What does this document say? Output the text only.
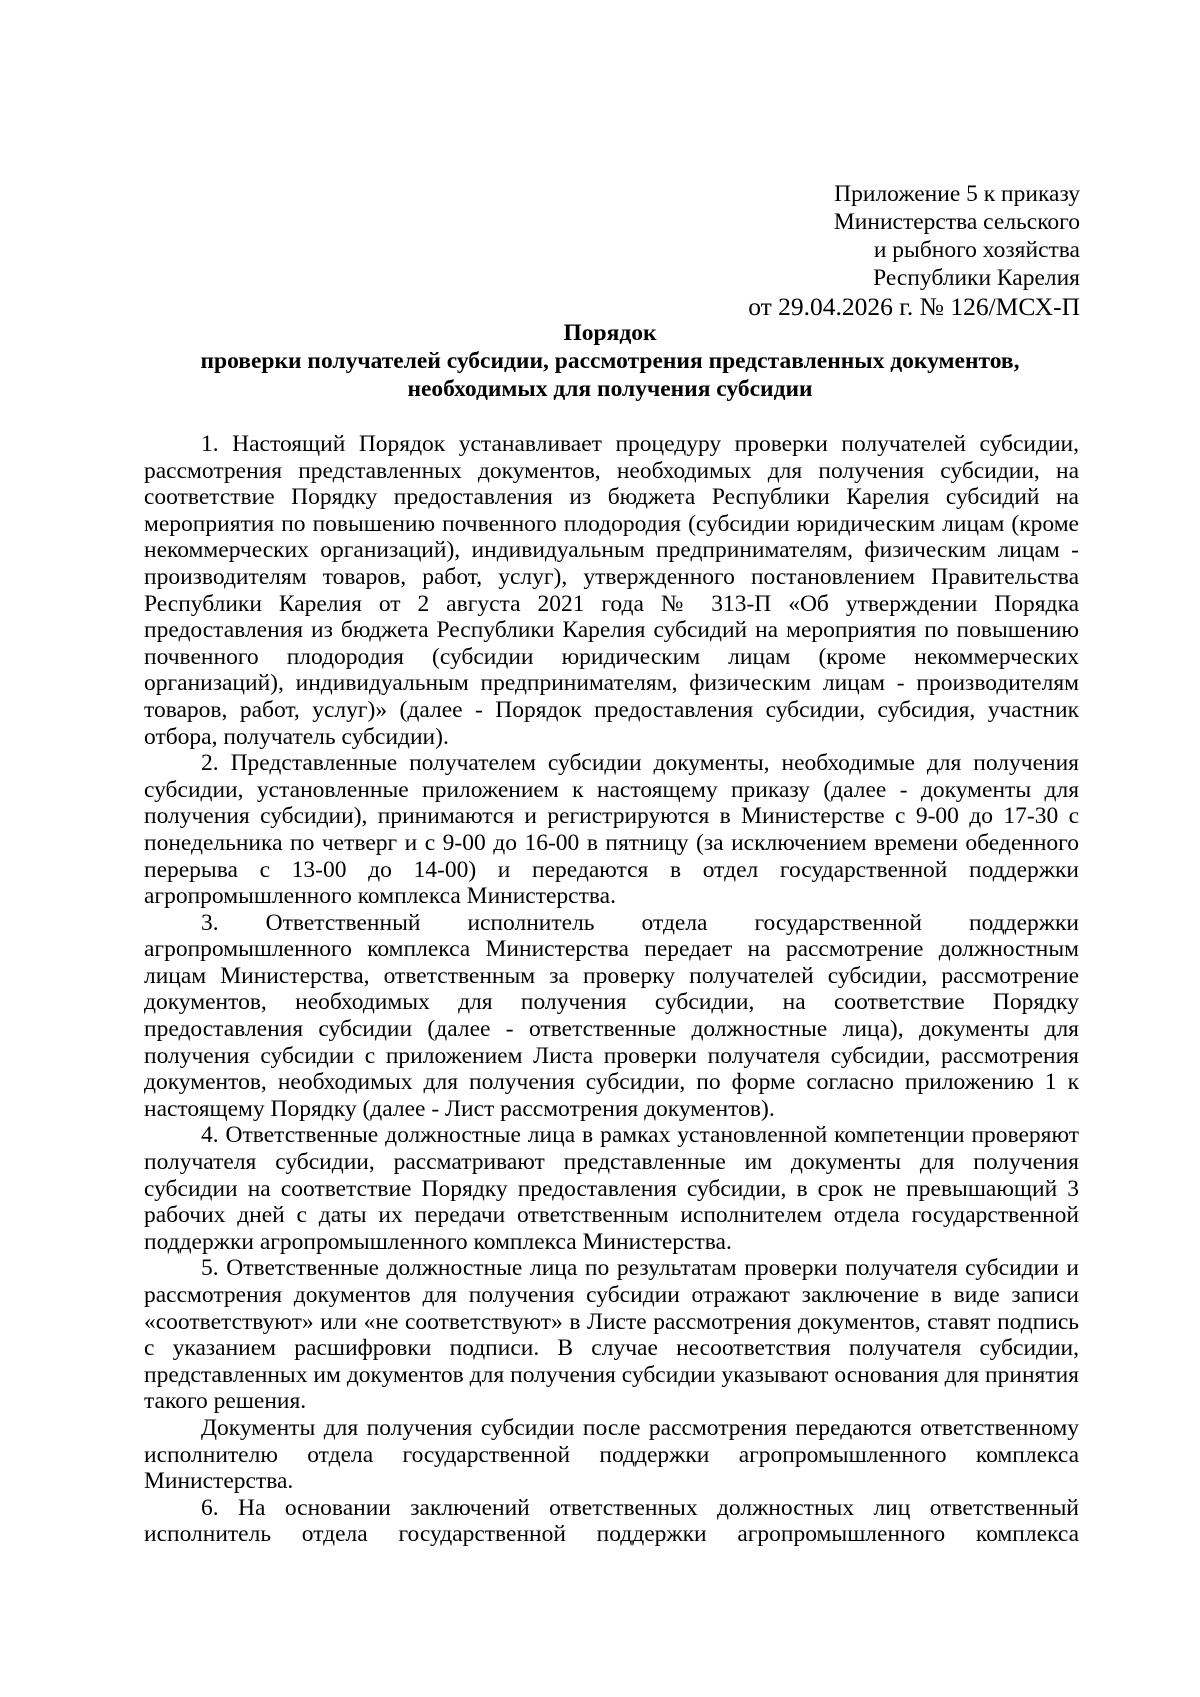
Приложение 5 к приказу
Министерства сельского
и рыбного хозяйства
Республики Карелия
от 29.04.2026 г. № 126/МСХ-П
Порядок
проверки получателей субсидии, рассмотрения представленных документов,
необходимых для получения субсидии

1. Настоящий Порядок устанавливает процедуру проверки получателей субсидии, рассмотрения представленных документов, необходимых для получения субсидии, на соответствие Порядку предоставления из бюджета Республики Карелия субсидий на мероприятия по повышению почвенного плодородия (субсидии юридическим лицам (кроме некоммерческих организаций), индивидуальным предпринимателям, физическим лицам - производителям товаров, работ, услуг), утвержденного постановлением Правительства Республики Карелия от 2 августа 2021 года № 313-П «Об утверждении Порядка предоставления из бюджета Республики Карелия субсидий на мероприятия по повышению почвенного плодородия (субсидии юридическим лицам (кроме некоммерческих организаций), индивидуальным предпринимателям, физическим лицам - производителям товаров, работ, услуг)» (далее - Порядок предоставления субсидии, субсидия, участник отбора, получатель субсидии).

2. Представленные получателем субсидии документы, необходимые для получения субсидии, установленные приложением к настоящему приказу (далее - документы для получения субсидии), принимаются и регистрируются в Министерстве с 9-00 до 17-30 с понедельника по четверг и с 9-00 до 16-00 в пятницу (за исключением времени обеденного перерыва с 13-00 до 14-00) и передаются в отдел государственной поддержки агропромышленного комплекса Министерства.

3. Ответственный исполнитель отдела государственной поддержки агропромышленного комплекса Министерства передает на рассмотрение должностным лицам Министерства, ответственным за проверку получателей субсидии, рассмотрение документов, необходимых для получения субсидии, на соответствие Порядку предоставления субсидии (далее - ответственные должностные лица), документы для получения субсидии с приложением Листа проверки получателя субсидии, рассмотрения документов, необходимых для получения субсидии, по форме согласно приложению 1 к настоящему Порядку (далее - Лист рассмотрения документов).

4. Ответственные должностные лица в рамках установленной компетенции проверяют получателя субсидии, рассматривают представленные им документы для получения субсидии на соответствие Порядку предоставления субсидии, в срок не превышающий 3 рабочих дней с даты их передачи ответственным исполнителем отдела государственной поддержки агропромышленного комплекса Министерства.

5. Ответственные должностные лица по результатам проверки получателя субсидии и рассмотрения документов для получения субсидии отражают заключение в виде записи «соответствуют» или «не соответствуют» в Листе рассмотрения документов, ставят подпись с указанием расшифровки подписи. В случае несоответствия получателя субсидии, представленных им документов для получения субсидии указывают основания для принятия такого решения.

Документы для получения субсидии после рассмотрения передаются ответственному исполнителю отдела государственной поддержки агропромышленного комплекса Министерства.

6. На основании заключений ответственных должностных лиц ответственный исполнитель отдела государственной поддержки агропромышленного комплекса
